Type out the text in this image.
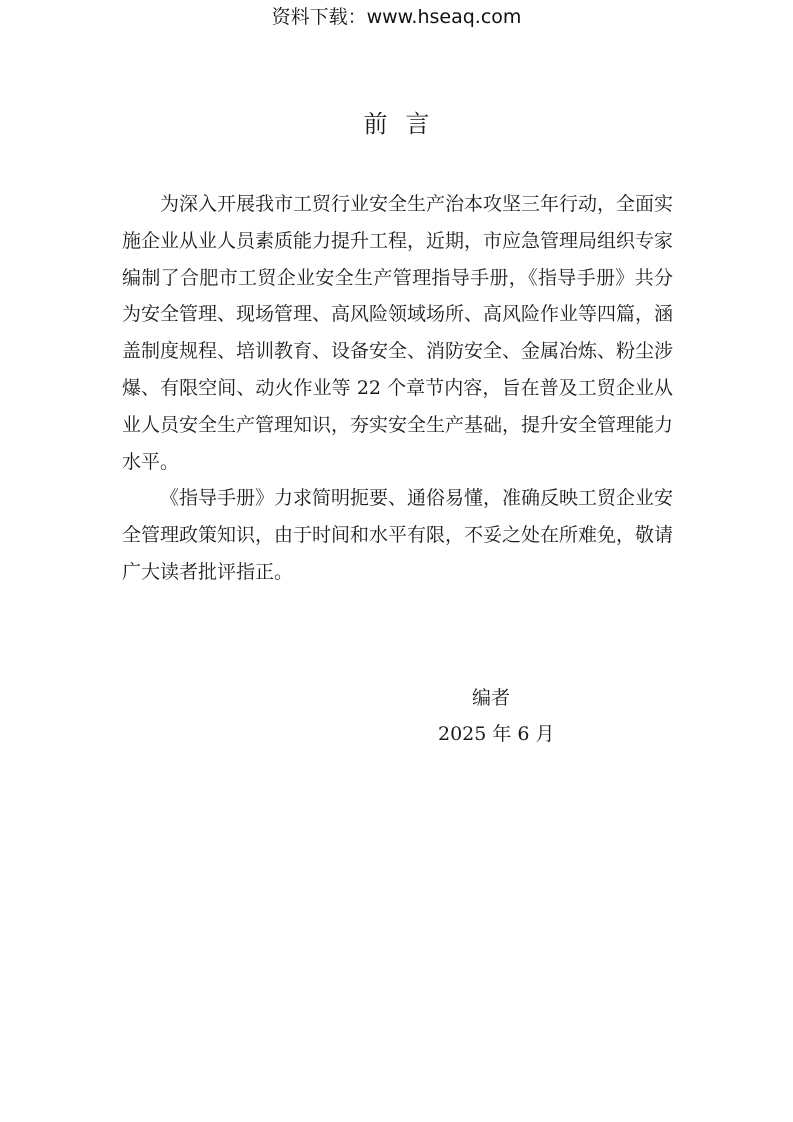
资料下载：www.hseaq.com
前言

为深入开展我市工贸行业安全生产治本攻坚三年行动，全面实施企业从业人员素质能力提升工程，近期，市应急管理局组织专家编制了合肥市工贸企业安全生产管理指导手册，《指导手册》共分为安全管理、现场管理、高风险领域场所、高风险作业等四篇，涵盖制度规程、培训教育、设备安全、消防安全、金属冶炼、粉尘涉爆、有限空间、动火作业等 22 个章节内容，旨在普及工贸企业从业人员安全生产管理知识，夯实安全生产基础，提升安全管理能力水平。

《指导手册》力求简明扼要、通俗易懂，准确反映工贸企业安全管理政策知识，由于时间和水平有限，不妥之处在所难免，敬请广大读者批评指正。

编者
2025 年 6 月
